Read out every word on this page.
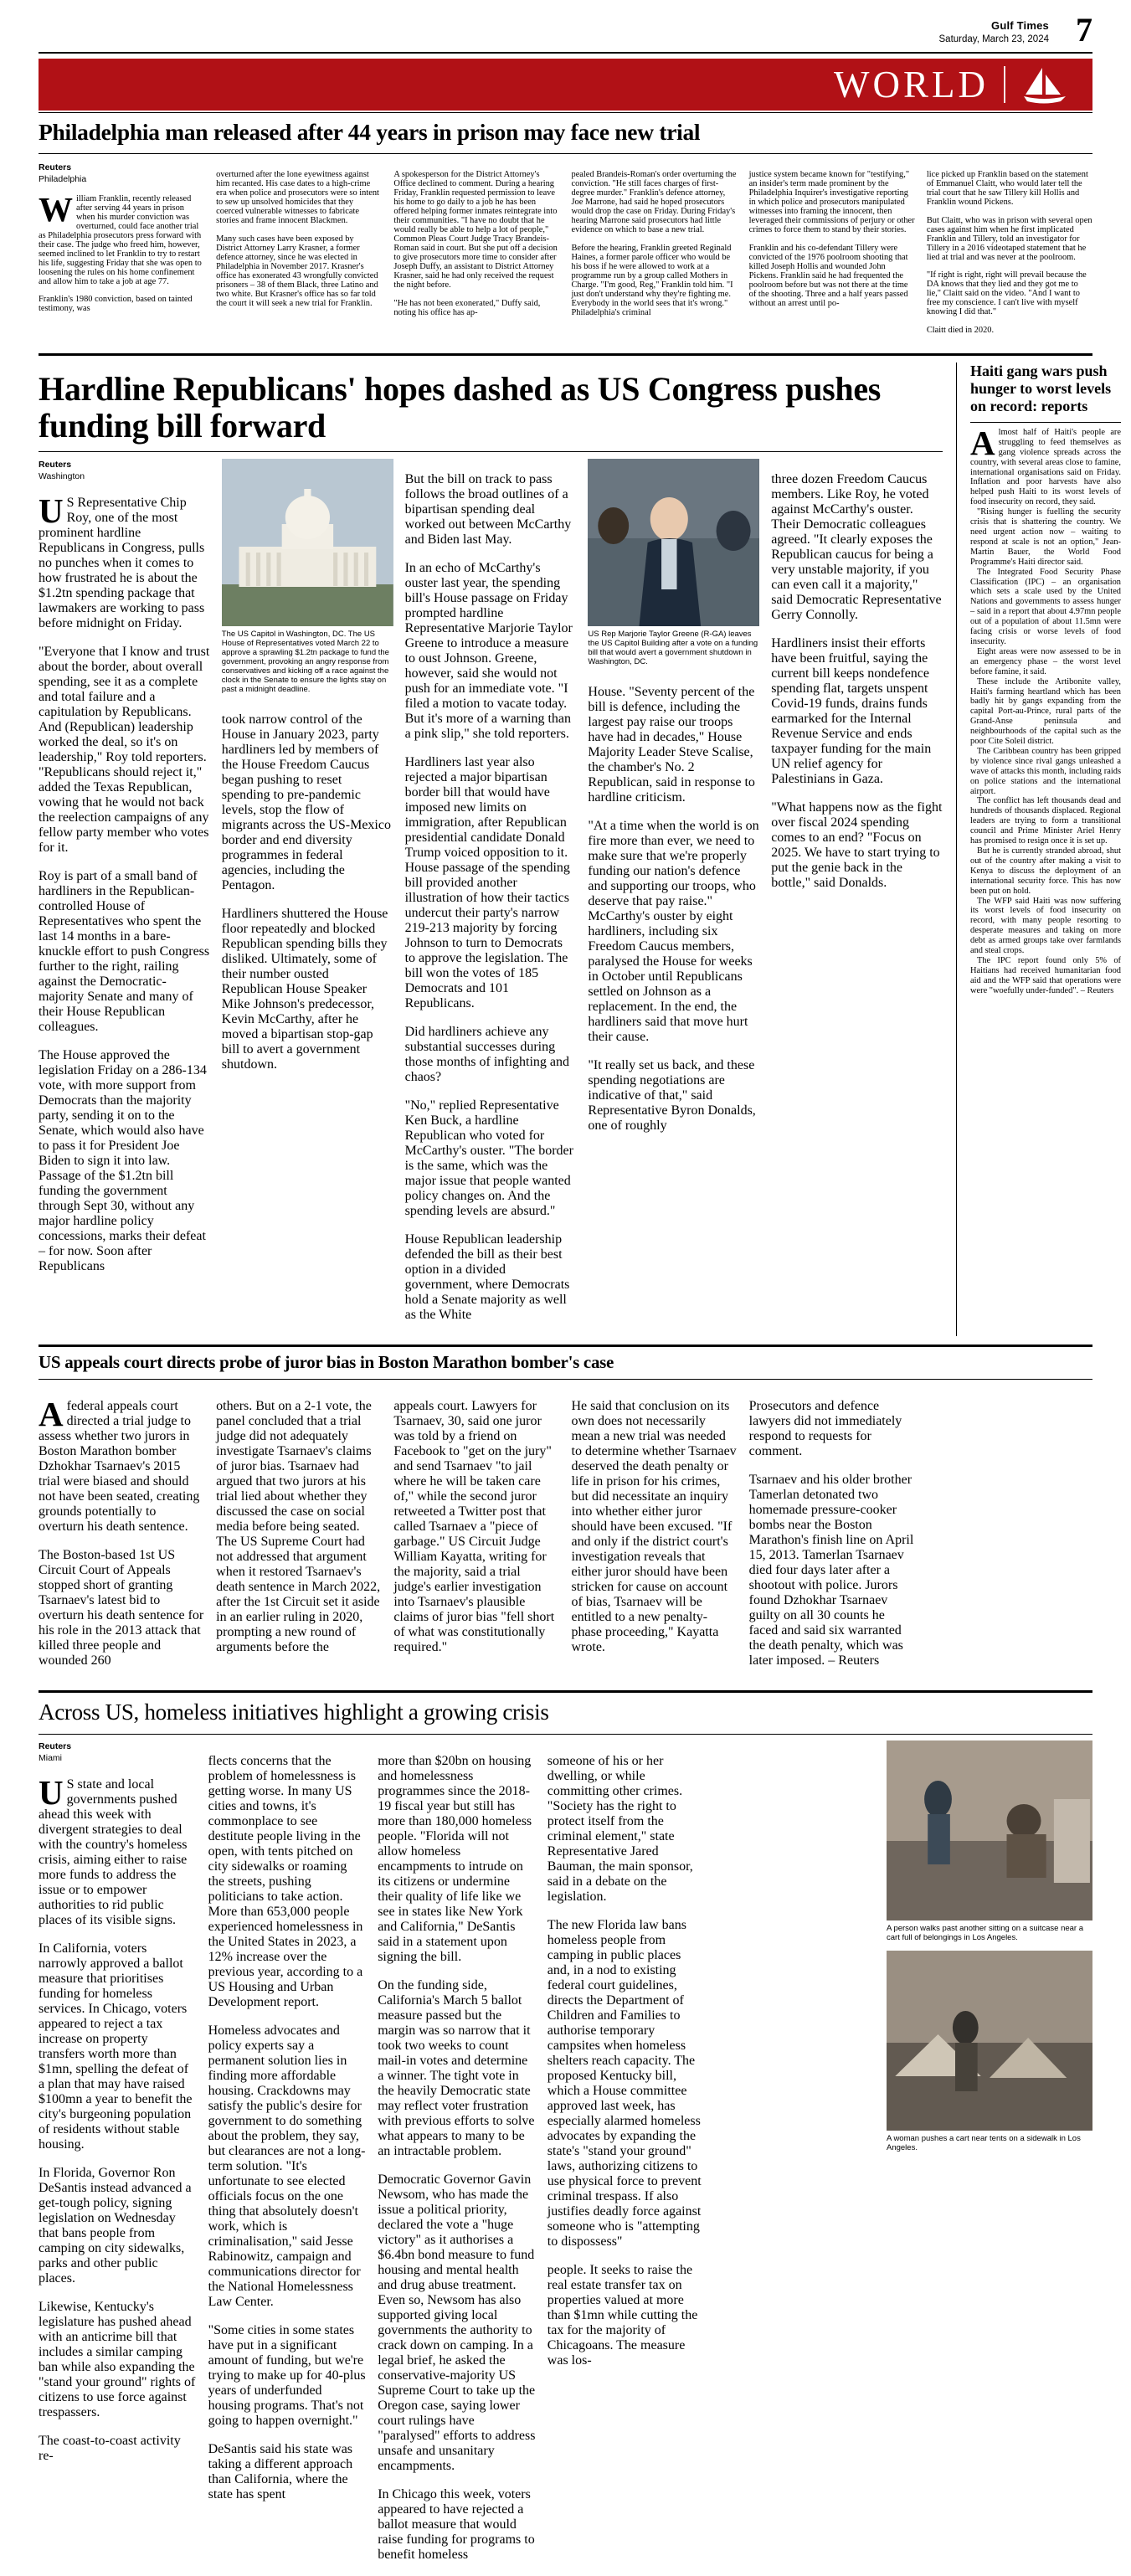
Gulf Times
Saturday, March 23, 2024 7
WORLD
Philadelphia man released after 44 years in prison may face new trial
Reuters
Philadelphia

William Franklin, recently released after serving 44 years in prison when his murder conviction was overturned, could face another trial as Philadelphia prosecutors press forward with their case. The judge who freed him, however, seemed inclined to let Franklin to try to restart his life, suggesting Friday that she was open to loosening the rules on his home confinement and allow him to take a job at age 77.

Franklin's 1980 conviction, based on tainted testimony, was

overturned after the lone eyewitness against him recanted. His case dates to a high-crime era when police and prosecutors were so intent to sew up unsolved homicides that they coerced vulnerable witnesses to fabricate stories and frame innocent Blackmen.

Many such cases have been exposed by District Attorney Larry Krasner, a former defence attorney, since he was elected in Philadelphia in November 2017. Krasner's office has exonerated 43 wrongfully convicted prisoners – 38 of them Black, three Latino and two white. But Krasner's office has so far told the court it will seek a new trial for Franklin.

A spokesperson for the District Attorney's Office declined to comment. During a hearing Friday, Franklin requested permission to leave his home to go daily to a job he has been offered helping former inmates reintegrate into their communities. "I have no doubt that he would really be able to help a lot of people," Common Pleas Court Judge Tracy Brandeis-Roman said in court. But she put off a decision to give prosecutors more time to consider after Joseph Duffy, an assistant to District Attorney Krasner, said he had only received the request the night before.

"He has not been exonerated," Duffy said, noting his office has ap-

pealed Brandeis-Roman's order overturning the conviction. "He still faces charges of first-degree murder." Franklin's defence attorney, Joe Marrone, had said he hoped prosecutors would drop the case on Friday. During Friday's hearing Marrone said prosecutors had little evidence on which to base a new trial.

Before the hearing, Franklin greeted Reginald Haines, a former parole officer who would be his boss if he were allowed to work at a programme run by a group called Mothers in Charge. "I'm good, Reg," Franklin told him. "I just don't understand why they're fighting me. Everybody in the world sees that it's wrong." Philadelphia's criminal

justice system became known for "testifying," an insider's term made prominent by the Philadelphia Inquirer's investigative reporting in which police and prosecutors manipulated witnesses into framing the innocent, then leveraged their commissions of perjury or other crimes to force them to stand by their stories.

Franklin and his co-defendant Tillery were convicted of the 1976 poolroom shooting that killed Joseph Hollis and wounded John Pickens. Franklin said he had frequented the poolroom before but was not there at the time of the shooting. Three and a half years passed without an arrest until po-

lice picked up Franklin based on the statement of Emmanuel Claitt, who would later tell the trial court that he saw Tillery kill Hollis and Franklin wound Pickens.

But Claitt, who was in prison with several open cases against him when he first implicated Franklin and Tillery, told an investigator for Tillery in a 2016 videotaped statement that he lied at trial and was never at the poolroom.

"If right is right, right will prevail because the DA knows that they lied and they got me to lie," Claitt said on the video. "And I want to free my conscience. I can't live with myself knowing I did that."

Claitt died in 2020.

Hardline Republicans' hopes dashed as US Congress pushes funding bill forward
Reuters
Washington

U S Representative Chip Roy, one of the most prominent hardline Republicans in Congress, pulls no punches when it comes to how frustrated he is about the $1.2tn spending package that lawmakers are working to pass before midnight on Friday.

"Everyone that I know and trust about the border, about overall spending, see it as a complete and total failure and a capitulation by Republicans. And (Republican) leadership worked the deal, so it's on leadership," Roy told reporters. "Republicans should reject it," added the Texas Republican, vowing that he would not back the reelection campaigns of any fellow party member who votes for it.

Roy is part of a small band of hardliners in the Republican-controlled House of Representatives who spent the last 14 months in a bare-knuckle effort to push Congress further to the right, railing against the Democratic-majority Senate and many of their House Republican colleagues.

The House approved the legislation Friday on a 286-134 vote, with more support from Democrats than the majority party, sending it on to the Senate, which would also have to pass it for President Joe Biden to sign it into law. Passage of the $1.2tn bill funding the government through Sept 30, without any major hardline policy concessions, marks their defeat – for now. Soon after Republicans

The US Capitol in Washington, DC. The US House of Representatives voted March 22 to approve a sprawling $1.2tn package to fund the government, provoking an angry response from conservatives and kicking off a race against the clock in the Senate to ensure the lights stay on past a midnight deadline.

took narrow control of the House in January 2023, party hardliners led by members of the House Freedom Caucus began pushing to reset spending to pre-pandemic levels, stop the flow of migrants across the US-Mexico border and end diversity programmes in federal agencies, including the Pentagon.

Hardliners shuttered the House floor repeatedly and blocked Republican spending bills they disliked. Ultimately, some of their number ousted Republican House Speaker Mike Johnson's predecessor, Kevin McCarthy, after he moved a bipartisan stop-gap bill to avert a government shutdown.

But the bill on track to pass follows the broad outlines of a bipartisan spending deal worked out between McCarthy and Biden last May.

In an echo of McCarthy's ouster last year, the spending bill's House passage on Friday prompted hardline Representative Marjorie Taylor Greene to introduce a measure to oust Johnson. Greene, however, said she would not push for an immediate vote. "I filed a motion to vacate today. But it's more of a warning than a pink slip," she told reporters.

Hardliners last year also rejected a major bipartisan border bill that would have imposed new limits on immigration, after Republican presidential candidate Donald Trump voiced opposition to it. House passage of the spending bill provided another illustration of how their tactics undercut their party's narrow 219-213 majority by forcing Johnson to turn to Democrats to approve the legislation. The bill won the votes of 185 Democrats and 101 Republicans.

Did hardliners achieve any substantial successes during those months of infighting and chaos?

"No," replied Representative Ken Buck, a hardline Republican who voted for McCarthy's ouster. "The border is the same, which was the major issue that people wanted policy changes on. And the spending levels are absurd."

House Republican leadership defended the bill as their best option in a divided government, where Democrats hold a Senate majority as well as the White

US Rep Marjorie Taylor Greene (R-GA) leaves the US Capitol Building after a vote on a funding bill that would avert a government shutdown in Washington, DC.

House. "Seventy percent of the bill is defence, including the largest pay raise our troops have had in decades," House Majority Leader Steve Scalise, the chamber's No. 2 Republican, said in response to hardline criticism.

"At a time when the world is on fire more than ever, we need to make sure that we're properly funding our nation's defence and supporting our troops, who deserve that pay raise." McCarthy's ouster by eight hardliners, including six Freedom Caucus members, paralysed the House for weeks in October until Republicans settled on Johnson as a replacement. In the end, the hardliners said that move hurt their cause.

"It really set us back, and these spending negotiations are indicative of that," said Representative Byron Donalds, one of roughly

three dozen Freedom Caucus members. Like Roy, he voted against McCarthy's ouster. Their Democratic colleagues agreed. "It clearly exposes the Republican caucus for being a very unstable majority, if you can even call it a majority," said Democratic Representative Gerry Connolly.

Hardliners insist their efforts have been fruitful, saying the current bill keeps nondefence spending flat, targets unspent Covid-19 funds, drains funds earmarked for the Internal Revenue Service and ends taxpayer funding for the main UN relief agency for Palestinians in Gaza.

"What happens now as the fight over fiscal 2024 spending comes to an end? "Focus on 2025. We have to start trying to put the genie back in the bottle," said Donalds.

Haiti gang wars push hunger to worst levels on record: reports

Almost half of Haiti's people are struggling to feed themselves as gang violence spreads across the country, with several areas close to famine, international organisations said on Friday. Inflation and poor harvests have also helped push Haiti to its worst levels of food insecurity on record, they said.

"Rising hunger is fuelling the security crisis that is shattering the country. We need urgent action now – waiting to respond at scale is not an option," Jean-Martin Bauer, the World Food Programme's Haiti director said.

The Integrated Food Security Phase Classification (IPC) – an organisation which sets a scale used by the United Nations and governments to assess hunger – said in a report that about 4.97mn people out of a population of about 11.5mn were facing crisis or worse levels of food insecurity.

Eight areas were now assessed to be in an emergency phase – the worst level before famine, it said.

These include the Artibonite valley, Haiti's farming heartland which has been badly hit by gangs expanding from the capital Port-au-Prince, rural parts of the Grand-Anse peninsula and neighbourhoods of the capital such as the poor Cite Soleil district.

The Caribbean country has been gripped by violence since rival gangs unleashed a wave of attacks this month, including raids on police stations and the international airport.

The conflict has left thousands dead and hundreds of thousands displaced. Regional leaders are trying to form a transitional council and Prime Minister Ariel Henry has promised to resign once it is set up.

But he is currently stranded abroad, shut out of the country after making a visit to Kenya to discuss the deployment of an international security force. This has now been put on hold.

The WFP said Haiti was now suffering its worst levels of food insecurity on record, with many people resorting to desperate measures and taking on more debt as armed groups take over farmlands and steal crops.

The IPC report found only 5% of Haitians had received humanitarian food aid and the WFP said that operations were were "woefully under-funded". – Reuters

US appeals court directs probe of juror bias in Boston Marathon bomber's case

Afederal appeals court directed a trial judge to assess whether two jurors in Boston Marathon bomber Dzhokhar Tsarnaev's 2015 trial were biased and should not have been seated, creating grounds potentially to overturn his death sentence.

The Boston-based 1st US Circuit Court of Appeals stopped short of granting Tsarnaev's latest bid to overturn his death sentence for his role in the 2013 attack that killed three people and wounded 260

others. But on a 2-1 vote, the panel concluded that a trial judge did not adequately investigate Tsarnaev's claims of juror bias. Tsarnaev had argued that two jurors at his trial lied about whether they discussed the case on social media before being seated. The US Supreme Court had not addressed that argument when it restored Tsarnaev's death sentence in March 2022, after the 1st Circuit set it aside in an earlier ruling in 2020, prompting a new round of arguments before the

appeals court. Lawyers for Tsarnaev, 30, said one juror was told by a friend on Facebook to "get on the jury" and send Tsarnaev "to jail where he will be taken care of," while the second juror retweeted a Twitter post that called Tsarnaev a "piece of garbage." US Circuit Judge William Kayatta, writing for the majority, said a trial judge's earlier investigation into Tsarnaev's plausible claims of juror bias "fell short of what was constitutionally required."

He said that conclusion on its own does not necessarily mean a new trial was needed to determine whether Tsarnaev deserved the death penalty or life in prison for his crimes, but did necessitate an inquiry into whether either juror should have been excused. "If and only if the district court's investigation reveals that either juror should have been stricken for cause on account of bias, Tsarnaev will be entitled to a new penalty-phase proceeding," Kayatta wrote.

Prosecutors and defence lawyers did not immediately respond to requests for comment.

Tsarnaev and his older brother Tamerlan detonated two homemade pressure-cooker bombs near the Boston Marathon's finish line on April 15, 2013. Tamerlan Tsarnaev died four days later after a shootout with police. Jurors found Dzhokhar Tsarnaev guilty on all 30 counts he faced and said six warranted the death penalty, which was later imposed. – Reuters

Across US, homeless initiatives highlight a growing crisis
Reuters
Miami

U S state and local governments pushed ahead this week with divergent strategies to deal with the country's homeless crisis, aiming either to raise more funds to address the issue or to empower authorities to rid public places of its visible signs.

In California, voters narrowly approved a ballot measure that prioritises funding for homeless services. In Chicago, voters appeared to reject a tax increase on property transfers worth more than $1mn, spelling the defeat of a plan that may have raised $100mn a year to benefit the city's burgeoning population of residents without stable housing.

In Florida, Governor Ron DeSantis instead advanced a get-tough policy, signing legislation on Wednesday that bans people from camping on city sidewalks, parks and other public places.

Likewise, Kentucky's legislature has pushed ahead with an anticrime bill that includes a similar camping ban while also expanding the "stand your ground" rights of citizens to use force against trespassers.

The coast-to-coast activity re-

flects concerns that the problem of homelessness is getting worse. In many US cities and towns, it's commonplace to see destitute people living in the open, with tents pitched on city sidewalks or roaming the streets, pushing politicians to take action. More than 653,000 people experienced homelessness in the United States in 2023, a 12% increase over the previous year, according to a US Housing and Urban Development report.

Homeless advocates and policy experts say a permanent solution lies in finding more affordable housing. Crackdowns may satisfy the public's desire for government to do something about the problem, they say, but clearances are not a long-term solution. "It's unfortunate to see elected officials focus on the one thing that absolutely doesn't work, which is criminalisation," said Jesse Rabinowitz, campaign and communications director for the National Homelessness Law Center.

"Some cities in some states have put in a significant amount of funding, but we're trying to make up for 40-plus years of underfunded housing programs. That's not going to happen overnight."

DeSantis said his state was taking a different approach than California, where the state has spent

more than $20bn on housing and homelessness programmes since the 2018-19 fiscal year but still has more than 180,000 homeless people. "Florida will not allow homeless encampments to intrude on its citizens or undermine their quality of life like we see in states like New York and California," DeSantis said in a statement upon signing the bill.

On the funding side, California's March 5 ballot measure passed but the margin was so narrow that it took two weeks to count mail-in votes and determine a winner. The tight vote in the heavily Democratic state may reflect voter frustration with previous efforts to solve what appears to many to be an intractable problem.

Democratic Governor Gavin Newsom, who has made the issue a political priority, declared the vote a "huge victory" as it authorises a $6.4bn bond measure to fund housing and mental health and drug abuse treatment. Even so, Newsom has also supported giving local governments the authority to crack down on camping. In a legal brief, he asked the conservative-majority US Supreme Court to take up the Oregon case, saying lower court rulings have "paralysed" efforts to address unsafe and unsanitary encampments.

In Chicago this week, voters appeared to have rejected a ballot measure that would raise funding for programs to benefit homeless

someone of his or her dwelling, or while committing other crimes. "Society has the right to protect itself from the criminal element," state Representative Jared Bauman, the main sponsor, said in a debate on the legislation.

The new Florida law bans homeless people from camping in public places and, in a nod to existing federal court guidelines, directs the Department of Children and Families to authorise temporary campsites when homeless shelters reach capacity. The proposed Kentucky bill, which a House committee approved last week, has especially alarmed homeless advocates by expanding the state's "stand your ground" laws, authorizing citizens to use physical force to prevent criminal trespass. If also justifies deadly force against someone who is "attempting to dispossess"

people. It seeks to raise the real estate transfer tax on properties valued at more than $1mn while cutting the tax for the majority of Chicagoans. The measure was los-

A person walks past another sitting on a suitcase near a cart full of belongings in Los Angeles.
A woman pushes a cart near tents on a sidewalk in Los Angeles.
